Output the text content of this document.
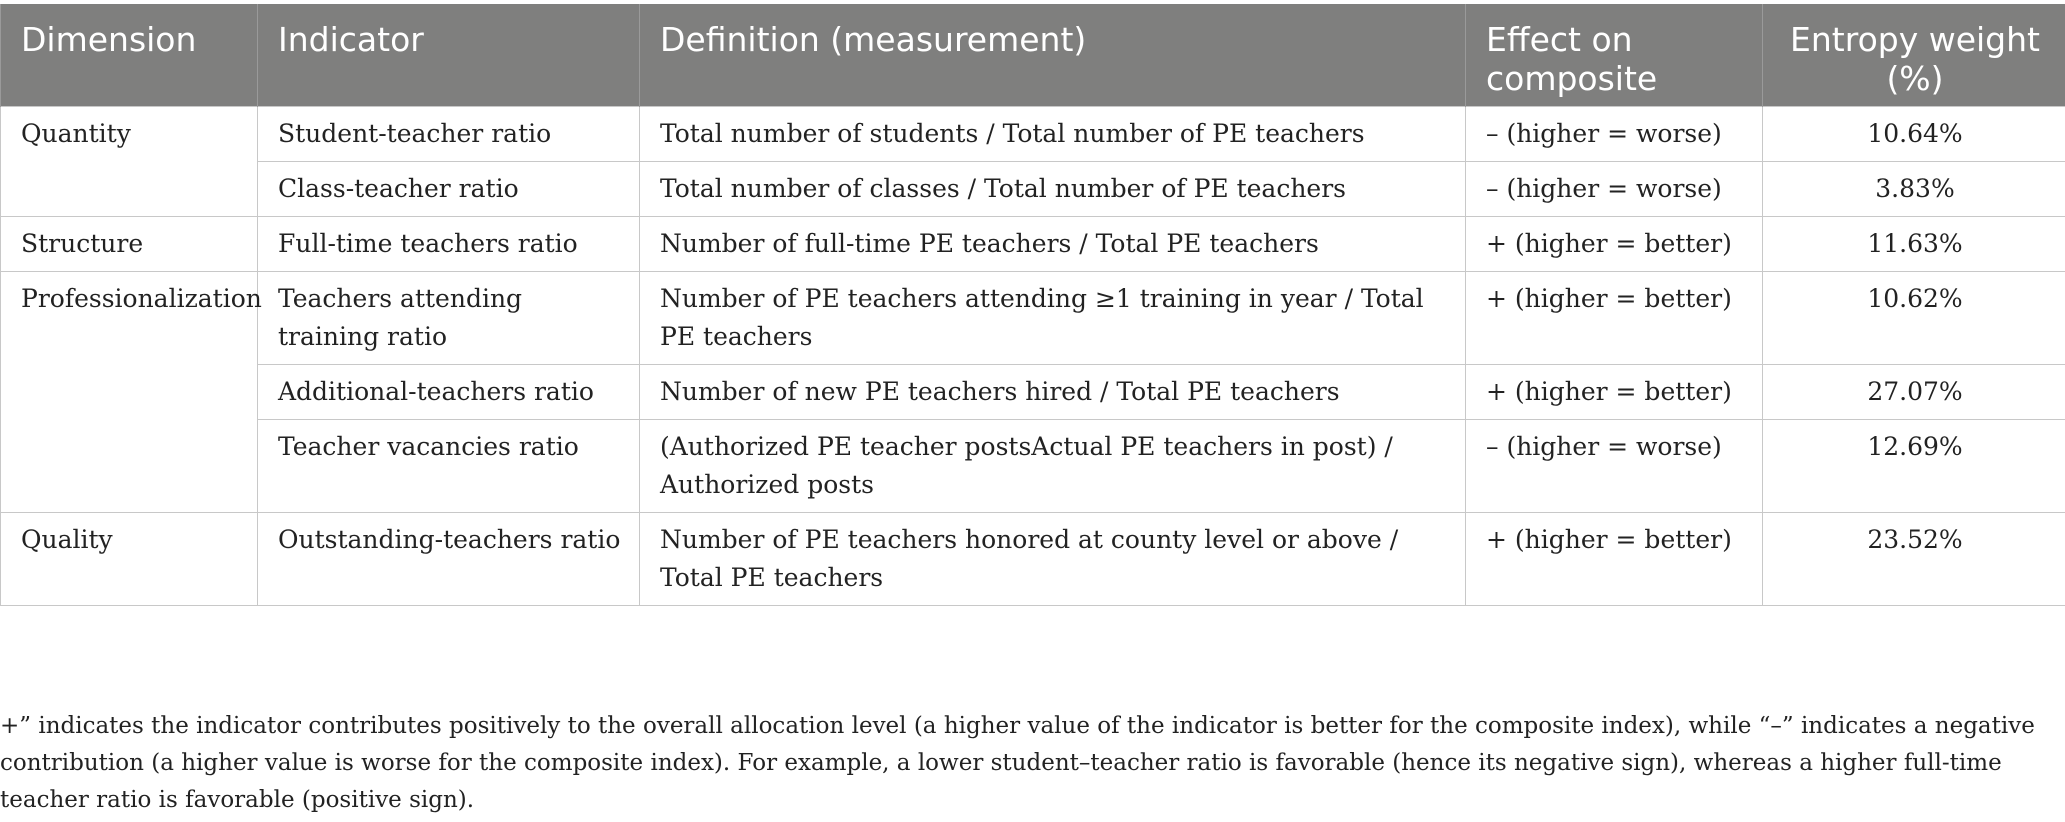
Dimension	Indicator	Definition (measurement)	Effect on composite	Entropy weight (%)
Quantity	Student-teacher ratio	Total number of students / Total number of PE teachers	– (higher = worse)	10.64%
	Class-teacher ratio	Total number of classes / Total number of PE teachers	– (higher = worse)	3.83%
Structure	Full-time teachers ratio	Number of full-time PE teachers / Total PE teachers	+ (higher = better)	11.63%
Professionalization	Teachers attending training ratio	Number of PE teachers attending ≥1 training in year / Total PE teachers	+ (higher = better)	10.62%
	Additional-teachers ratio	Number of new PE teachers hired / Total PE teachers	+ (higher = better)	27.07%
	Teacher vacancies ratio	(Authorized PE teacher postsActual PE teachers in post) / Authorized posts	– (higher = worse)	12.69%
Quality	Outstanding-teachers ratio	Number of PE teachers honored at county level or above / Total PE teachers	+ (higher = better)	23.52%
+” indicates the indicator contributes positively to the overall allocation level (a higher value of the indicator is better for the composite index), while “–” indicates a negative contribution (a higher value is worse for the composite index). For example, a lower student–teacher ratio is favorable (hence its negative sign), whereas a higher full-time teacher ratio is favorable (positive sign).
